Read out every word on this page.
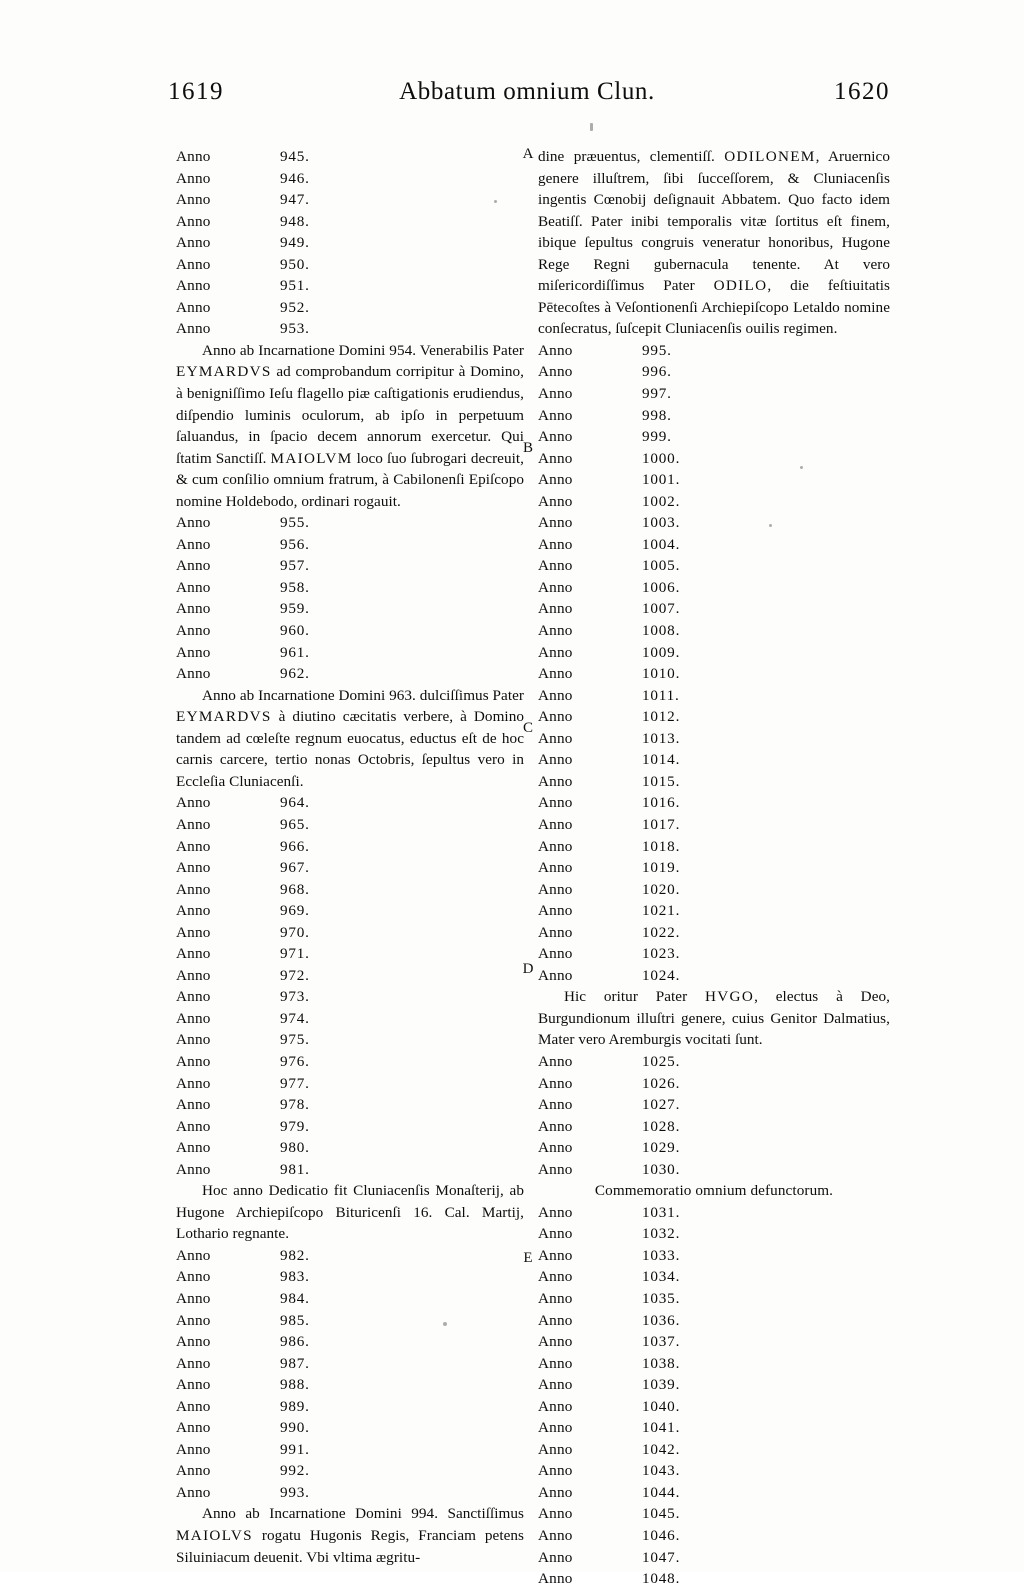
1619	Abbatum omnium Clun.	1620
A
B
C
D
E
Anno	945.
Anno	946.
Anno	947.
Anno	948.
Anno	949.
Anno	950.
Anno	951.
Anno	952.
Anno	953.
Anno ab Incarnatione Domini 954. Venerabilis Pater EYMARDVS ad comprobandum corripitur à Domino, à benigniſſimo Ieſu flagello piæ caſtigationis erudiendus, diſpendio luminis oculorum, ab ipſo in perpetuum ſaluandus, in ſpacio decem annorum exercetur. Qui ſtatim Sanctiſſ. MAIOLVM loco ſuo ſubrogari decreuit, & cum conſilio omnium fratrum, à Cabilonenſi Epiſcopo nomine Holdebodo, ordinari rogauit.
Anno	955.
Anno	956.
Anno	957.
Anno	958.
Anno	959.
Anno	960.
Anno	961.
Anno	962.
Anno ab Incarnatione Domini 963. dulciſſimus Pater EYMARDVS à diutino cæcitatis verbere, à Domino tandem ad cœleſte regnum euocatus, eductus eſt de hoc carnis carcere, tertio nonas Octobris, ſepultus vero in Eccleſia Cluniacenſi.
Anno	964.
Anno	965.
Anno	966.
Anno	967.
Anno	968.
Anno	969.
Anno	970.
Anno	971.
Anno	972.
Anno	973.
Anno	974.
Anno	975.
Anno	976.
Anno	977.
Anno	978.
Anno	979.
Anno	980.
Anno	981.
Hoc anno Dedicatio fit Cluniacenſis Monaſterij, ab Hugone Archiepiſcopo Bituricenſi 16. Cal. Martij, Lothario regnante.
Anno	982.
Anno	983.
Anno	984.
Anno	985.
Anno	986.
Anno	987.
Anno	988.
Anno	989.
Anno	990.
Anno	991.
Anno	992.
Anno	993.
Anno ab Incarnatione Domini 994. Sanctiſſimus MAIOLVS rogatu Hugonis Regis, Franciam petens Siluiniacum deuenit. Vbi vltima ægritu-
dine præuentus, clementiſſ. ODILONEM, Aruernico genere illuſtrem, ſibi ſucceſſorem, & Cluniacenſis ingentis Cœnobij deſignauit Abbatem. Quo facto idem Beatiſſ. Pater inibi temporalis vitæ ſortitus eſt finem, ibique ſepultus congruis veneratur honoribus, Hugone Rege Regni gubernacula tenente. At vero miſericordiſſimus Pater ODILO, die feſtiuitatis Pētecoſtes à Veſontionenſi Archiepiſcopo Letaldo nomine conſecratus, ſuſcepit Cluniacenſis ouilis regimen.
Anno	995.
Anno	996.
Anno	997.
Anno	998.
Anno	999.
Anno	1000.
Anno	1001.
Anno	1002.
Anno	1003.
Anno	1004.
Anno	1005.
Anno	1006.
Anno	1007.
Anno	1008.
Anno	1009.
Anno	1010.
Anno	1011.
Anno	1012.
Anno	1013.
Anno	1014.
Anno	1015.
Anno	1016.
Anno	1017.
Anno	1018.
Anno	1019.
Anno	1020.
Anno	1021.
Anno	1022.
Anno	1023.
Anno	1024.
Hic oritur Pater HVGO, electus à Deo, Burgundionum illuſtri genere, cuius Genitor Dalmatius, Mater vero Aremburgis vocitati ſunt.
Anno	1025.
Anno	1026.
Anno	1027.
Anno	1028.
Anno	1029.
Anno	1030.
Commemoratio omnium defunctorum.
Anno	1031.
Anno	1032.
Anno	1033.
Anno	1034.
Anno	1035.
Anno	1036.
Anno	1037.
Anno	1038.
Anno	1039.
Anno	1040.
Anno	1041.
Anno	1042.
Anno	1043.
Anno	1044.
Anno	1045.
Anno	1046.
Anno	1047.
Anno	1048.
